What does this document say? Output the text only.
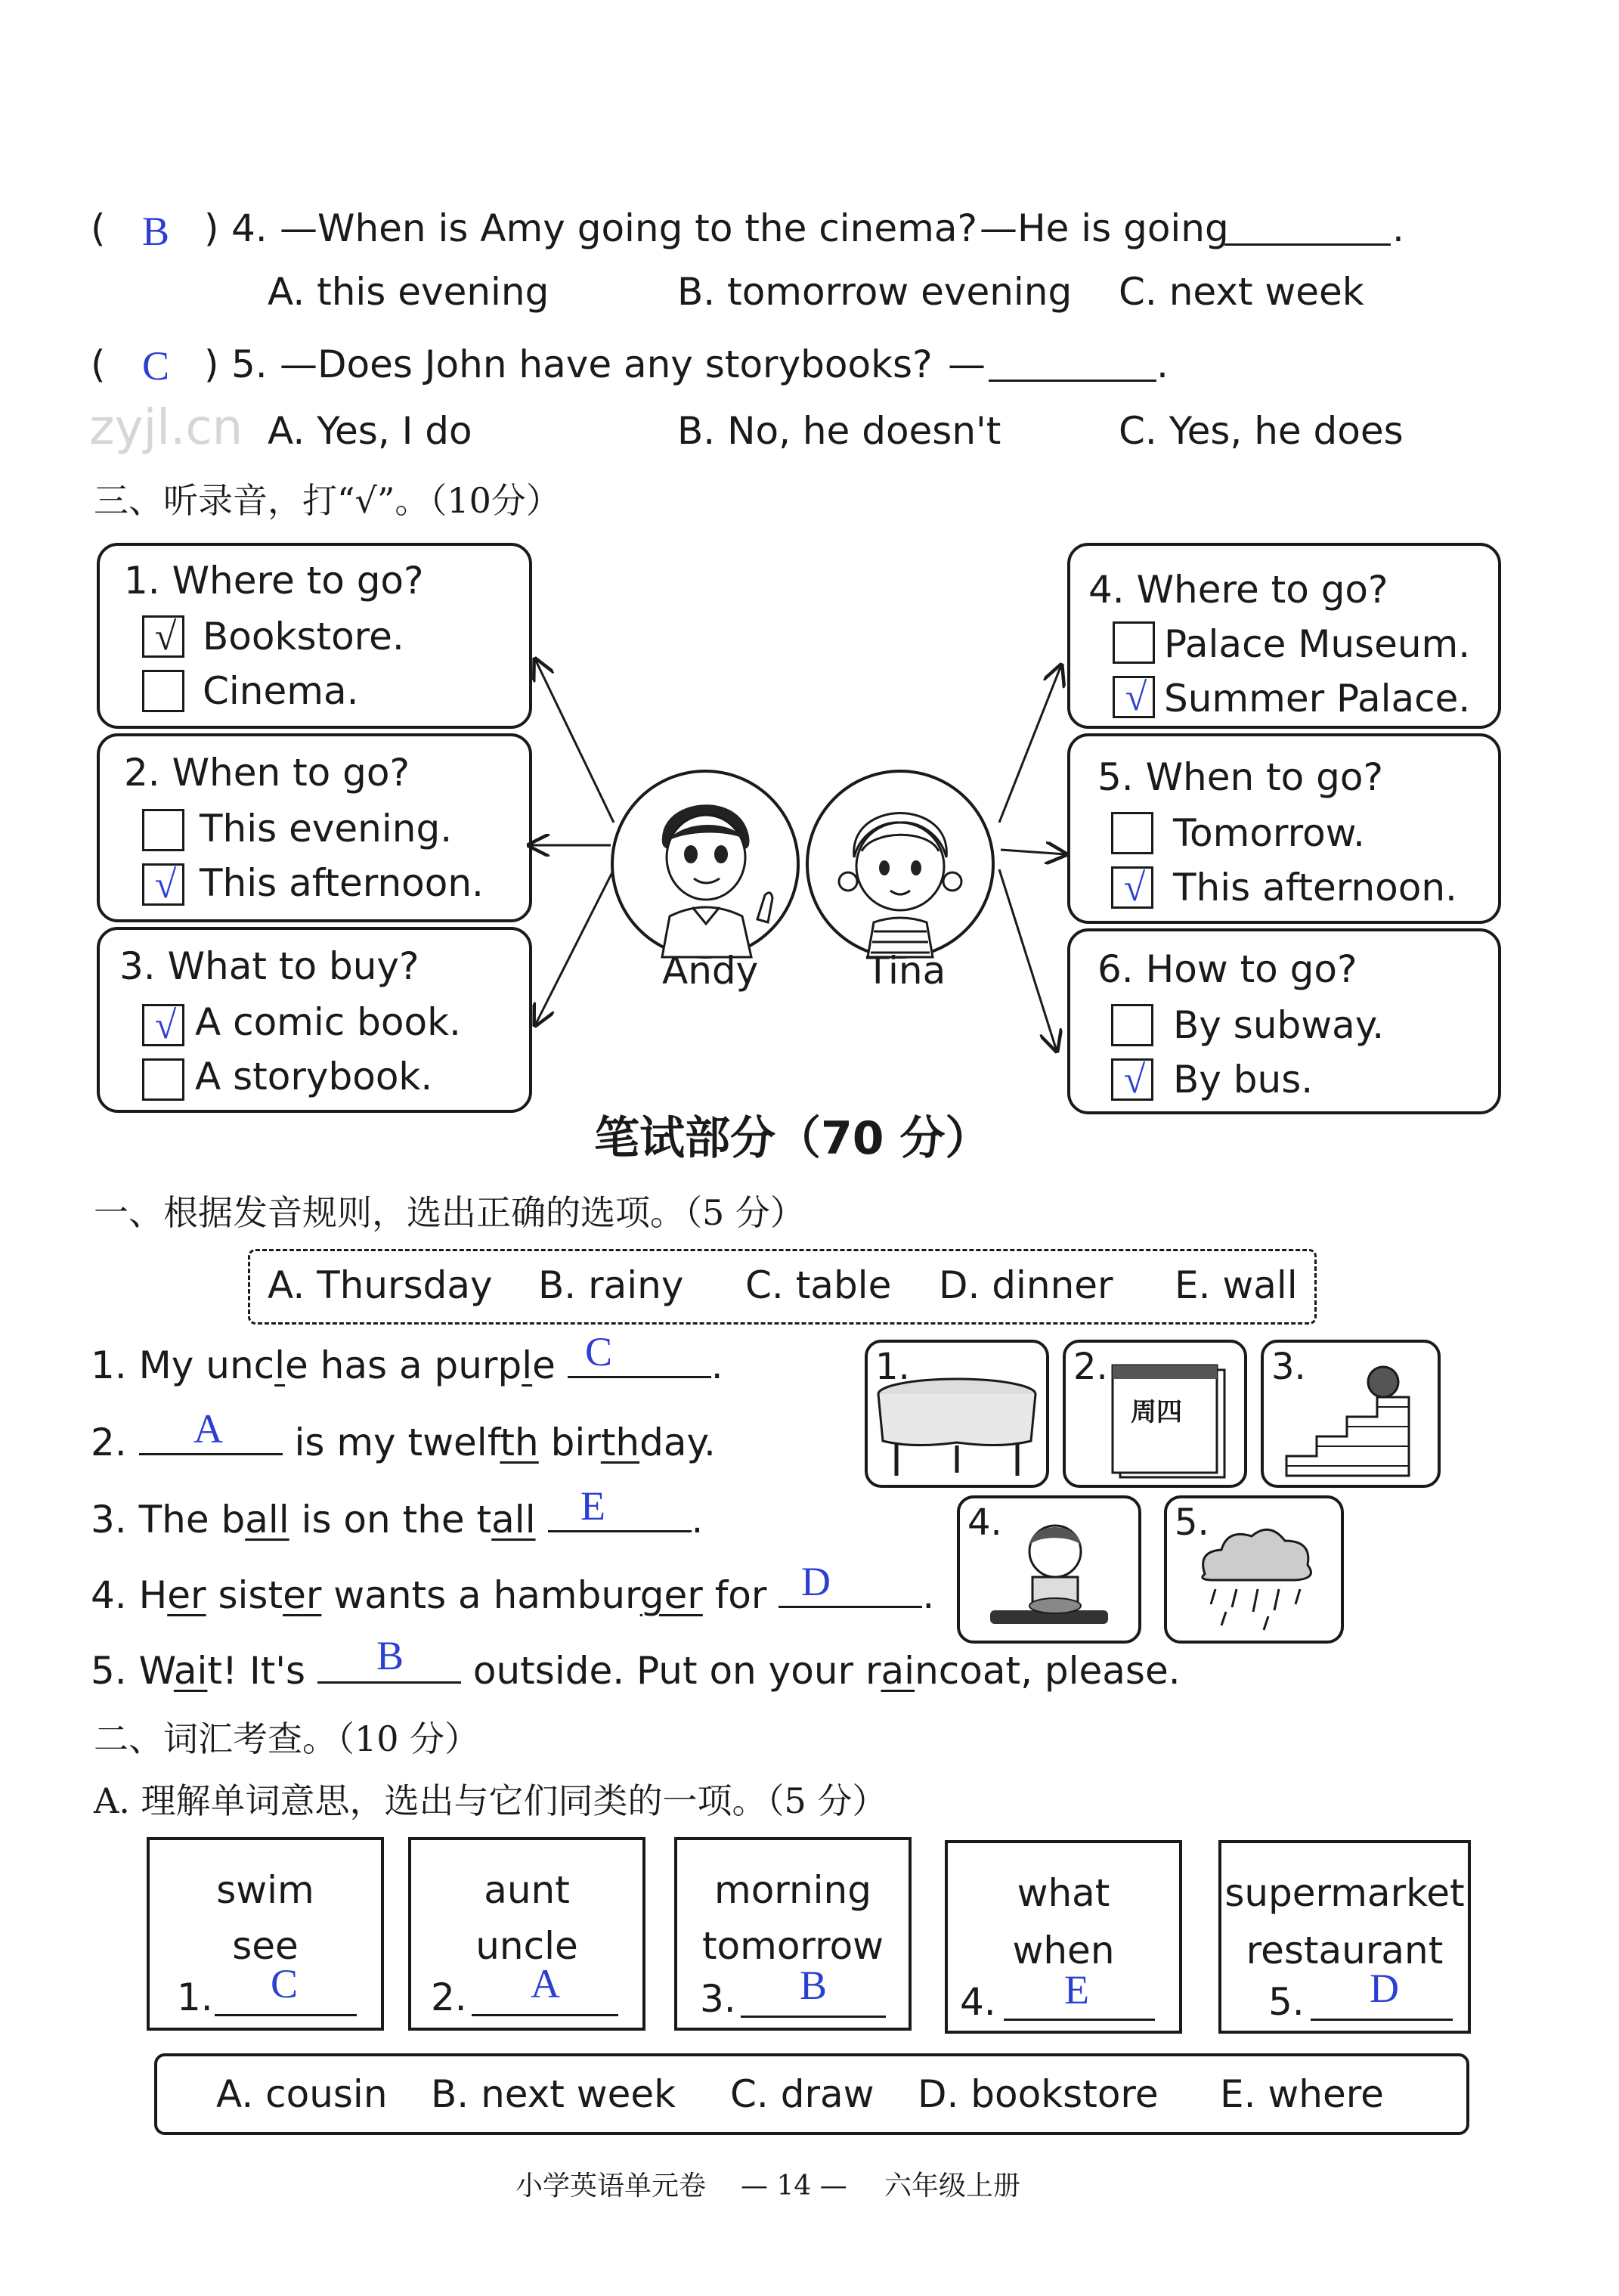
( B ) 4. —When is Amy going to the cinema? —He is going	.
A. this evening	B. tomorrow evening C. next week
( C ) 5. —Does John have any storybooks? —	.
zyjl.cn A. Yes, I do	B. No, he doesn't	C. Yes, he does
三、听录音，打“√”。（10分）
1. Where to go?
√ Bookstore.
Cinema.
2. When to go?
This evening.
√ This afternoon.
3. What to buy?
√ A comic book.
A storybook.
4. Where to go?
Palace Museum.
√ Summer Palace.
5. When to go?
Tomorrow.
√ This afternoon.
6. How to go?
By subway.
√ By bus.
Andy	Tina
笔试部分（70 分）
一、根据发音规则，选出正确的选项。（5 分）
A. Thursday B. rainy C. table D. dinner E. wall
1. My uncle has a purple	.
C
2.	is my twelfth birthday.
A
3. The ball is on the tall	.
E
4. Her sister wants a hamburger for	.
D
5. Wait! It's	outside. Put on your raincoat, please.
B
1.	2.
周四
3.
4.	5.
二、词汇考查。（10 分）
A. 理解单词意思，选出与它们同类的一项。（5 分）
swim
see
1. C
aunt
uncle
2. A
morning
tomorrow
3. B
what
when
4. E
supermarket
restaurant
5. D
A. cousin B. next week C. draw D. bookstore E. where
小学英语单元卷 — 14 — 六年级上册
